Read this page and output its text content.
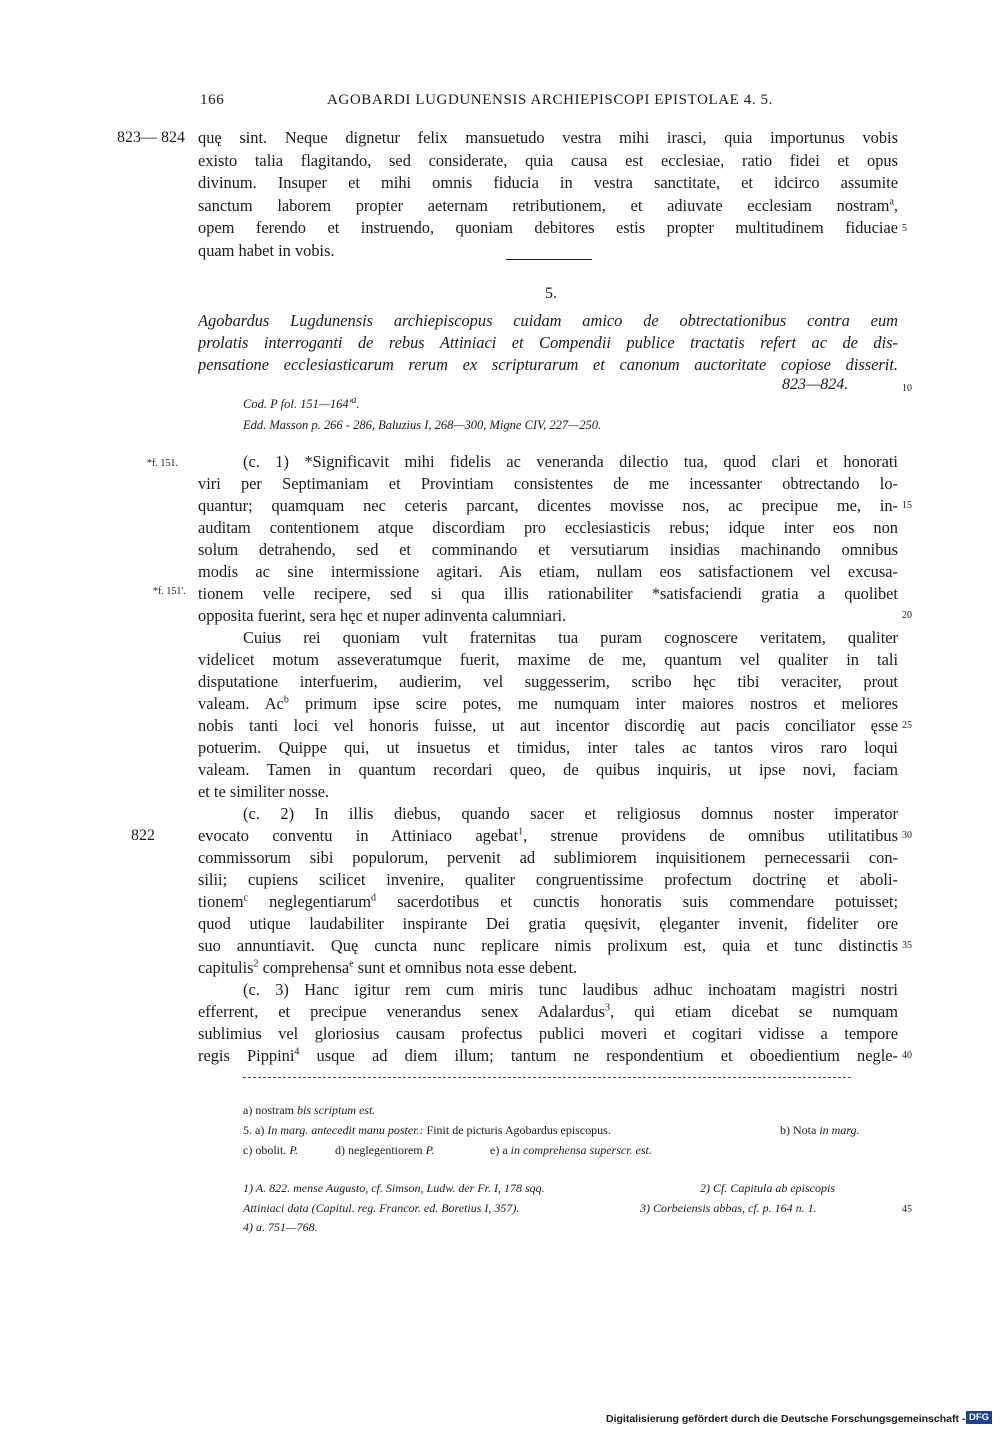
166	AGOBARDI LUGDUNENSIS ARCHIEPISCOPI EPISTOLAE 4. 5.
823— 824 quę sint. Neque dignetur felix mansuetudo vestra mihi irasci, quia importunus vobis
existo talia flagitando, sed considerate, quia causa est ecclesiae, ratio fidei et opus
divinum. Insuper et mihi omnis fiducia in vestra sanctitate, et idcirco assumite
sanctum laborem propter aeternam retributionem, et adiuvate ecclesiam nostram$^a$,
opem ferendo et instruendo, quoniam debitores estis propter multitudinem fiduciae
quam habet in vobis.
5
5.
Agobardus Lugdunensis archiepiscopus cuidam amico de obtrectationibus contra eum
prolatis interroganti de rebus Attiniaci et Compendii publice tractatis refert ac de dis-
pensatione ecclesiasticarum rerum ex scripturarum et canonum auctoritate copiose disserit.
823—824.	10
Cod. P fol. $151—164'^a$.
Edd. Masson p. 266 - 286, Baluzius I, 268—300, Migne CIV, 227—250.
*f. 151.
*f. 151'.
822
(c. 1) *Significavit mihi fidelis ac veneranda dilectio tua, quod clari et honorati
viri per Septimaniam et Provintiam consistentes de me incessanter obtrectando lo-
quantur; quamquam nec ceteris parcant, dicentes movisse nos, ac precipue me, in-
auditam contentionem atque discordiam pro ecclesiasticis rebus; idque inter eos non
solum detrahendo, sed et comminando et versutiarum insidias machinando omnibus
modis ac sine intermissione agitari. Ais etiam, nullam eos satisfactionem vel excusa-
tionem velle recipere, sed si qua illis rationabiliter *satisfaciendi gratia a quolibet
opposita fuerint, sera hęc et nuper adinventa calumniari.
Cuius rei quoniam vult fraternitas tua puram cognoscere veritatem, qualiter
videlicet motum asseveratumque fuerit, maxime de me, quantum vel qualiter in tali
disputatione interfuerim, audierim, vel suggesserim, scribo hęc tibi veraciter, prout
valeam. Ac$^b$ primum ipse scire potes, me numquam inter maiores nostros et meliores
nobis tanti loci vel honoris fuisse, ut aut incentor discordię aut pacis conciliator ęsse
potuerim. Quippe qui, ut insuetus et timidus, inter tales ac tantos viros raro loqui
valeam. Tamen in quantum recordari queo, de quibus inquiris, ut ipse novi, faciam
et te similiter nosse.
(c. 2) In illis diebus, quando sacer et religiosus domnus noster imperator
evocato conventu in Attiniaco agebat$^1$, strenue providens de omnibus utilitatibus
commissorum sibi populorum, pervenit ad sublimiorem inquisitionem pernecessarii con-
silii; cupiens scilicet invenire, qualiter congruentissime profectum doctrinę et aboli-
tionem$^c$ neglegentiarum$^d$ sacerdotibus et cunctis honoratis suis commendare potuisset;
quod utique laudabiliter inspirante Dei gratia quęsivit, ęleganter invenit, fideliter ore
suo annuntiavit. Quę cuncta nunc replicare nimis prolixum est, quia et tunc distinctis
capitulis$^2$ comprehensa$^e$ sunt et omnibus nota esse debent.
(c. 3) Hanc igitur rem cum miris tunc laudibus adhuc inchoatam magistri nostri
efferrent, et precipue venerandus senex Adalardus$^3$, qui etiam dicebat se numquam
sublimius vel gloriosius causam profectus publici moveri et cogitari vidisse a tempore
regis Pippini$^4$ usque ad diem illum; tantum ne respondentium et oboedientium negle-
15
20
25
30
35
40
a) nostram bis scriptum est.
5. a) In marg. antecedit manu poster.: Finit de picturis Agobardus episcopus.	b) Nota in marg.
c) obolit. P.	d) neglegentiorem P.	e) a in comprehensa superscr. est.
1) A. 822. mense Augusto, cf. Simson, Ludw. der Fr. I, 178 sqq.	2) Cf. Capitula ab episcopis
Attiniaci data (Capitul. reg. Francor. ed. Boretius I, 357).	3) Corbeiensis abbas, cf. p. 164 n. 1.	45
4) a. 751—768.
Digitalisierung gefördert durch die Deutsche Forschungsgemeinschaft - DFG
